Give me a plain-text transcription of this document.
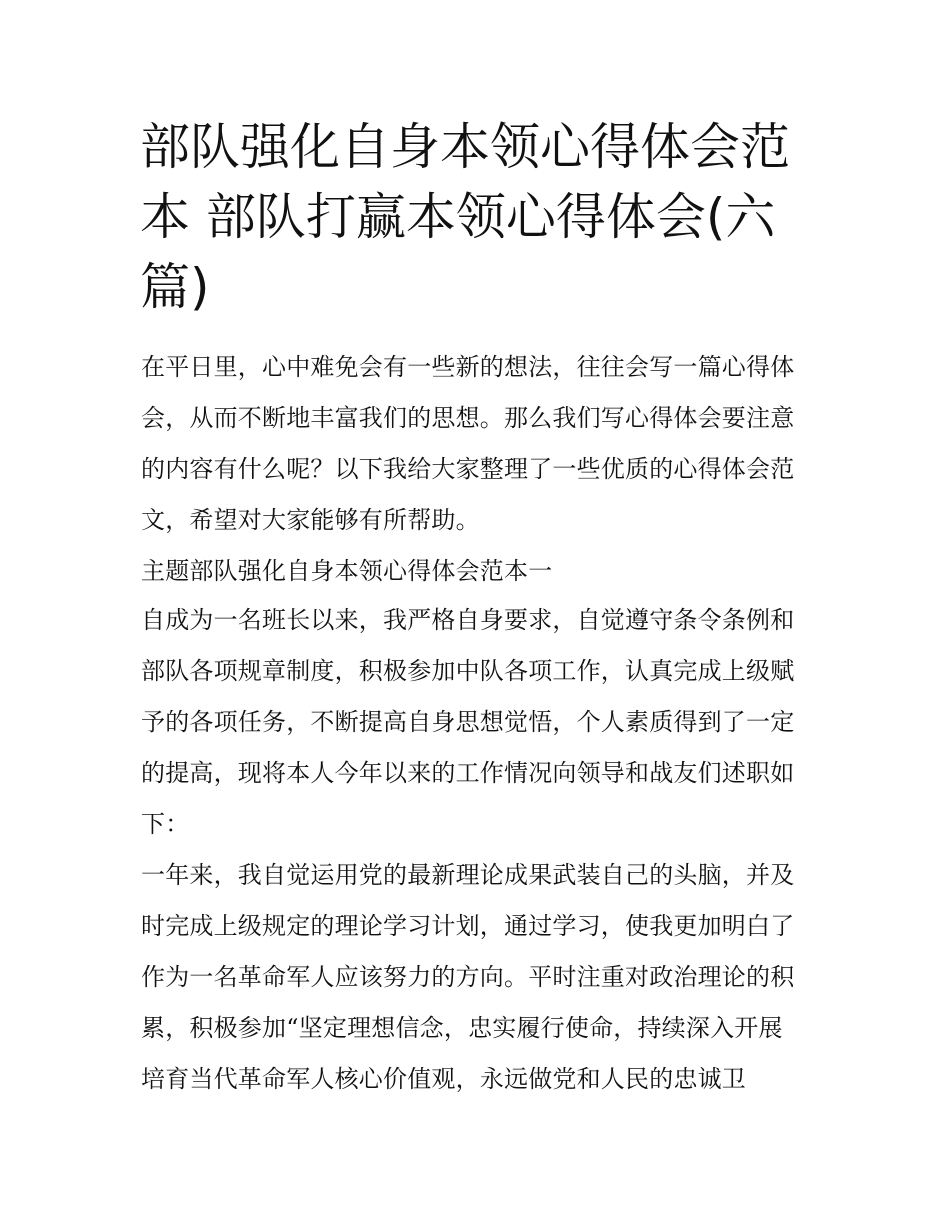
部队强化自身本领心得体会范
本 部队打赢本领心得体会(六
篇)
在平日里，心中难免会有一些新的想法，往往会写一篇心得体
会，从而不断地丰富我们的思想。那么我们写心得体会要注意
的内容有什么呢？以下我给大家整理了一些优质的心得体会范
文，希望对大家能够有所帮助。
主题部队强化自身本领心得体会范本一
自成为一名班长以来，我严格自身要求，自觉遵守条令条例和
部队各项规章制度，积极参加中队各项工作，认真完成上级赋
予的各项任务，不断提高自身思想觉悟，个人素质得到了一定
的提高，现将本人今年以来的工作情况向领导和战友们述职如
下：
一年来，我自觉运用党的最新理论成果武装自己的头脑，并及
时完成上级规定的理论学习计划，通过学习，使我更加明白了
作为一名革命军人应该努力的方向。平时注重对政治理论的积
累，积极参加“坚定理想信念，忠实履行使命，持续深入开展
培育当代革命军人核心价值观，永远做党和人民的忠诚卫
